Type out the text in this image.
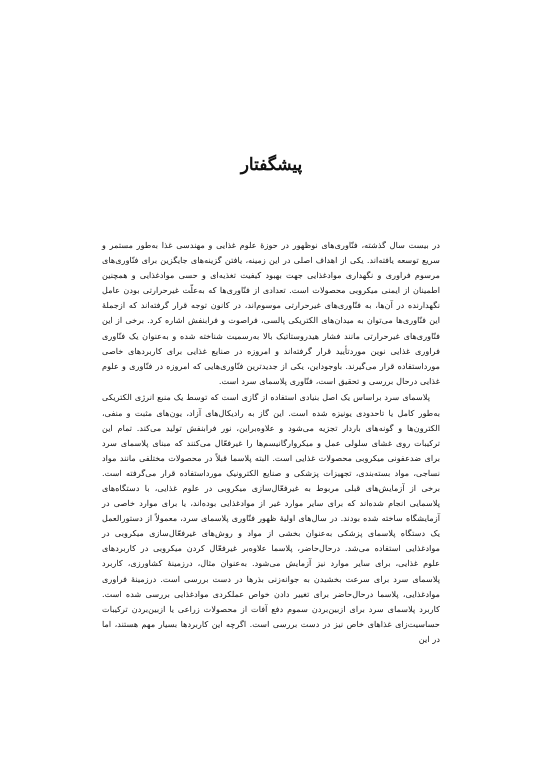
پیشگفتار

در بیست سال گذشته، فنّاوری‌های نوظهور در حوزهٔ علوم غذایی و مهندسی غذا به‌طور مستمر و سریع توسعه یافته‌اند. یکی از اهداف اصلی در این زمینه، یافتن گزینه‌های جایگزین برای فنّاوری‌های مرسوم فراوری و نگهداری موادغذایی جهت بهبود کیفیت تغذیه‌ای و حسی موادغذایی و همچنین اطمینان از ایمنی میکروبی محصولات است. تعدادی از فنّاوری‌ها که به‌علّت غیرحرارتی بودن عامل نگهدارنده در آن‌ها، به فنّاوری‌های غیرحرارتی موسوم‌اند، در کانون توجه قرار گرفته‌اند که ازجملهٔ این فنّاوری‌ها می‌توان به میدان‌های الکتریکی پالسی، فراصوت و فرابنفش اشاره کرد. برخی از این فنّاوری‌های غیرحرارتی مانند فشار هیدروستاتیک بالا به‌رسمیت شناخته شده و به‌عنوان یک فنّاوری فراوری غذایی نوین موردتأیید قرار گرفته‌اند و امروزه در صنایع غذایی برای کاربردهای خاصی مورداستفاده قرار می‌گیرند. باوجوداین، یکی از جدیدترین فنّاوری‌هایی که امروزه در فنّاوری و علوم غذایی درحال بررسی و تحقیق است، فنّاوری پلاسمای سرد است.

پلاسمای سرد براساس یک اصل بنیادی استفاده از گازی است که توسط یک منبع انرژی الکتریکی به‌طور کامل یا تاحدودی یونیزه شده است. این گاز به رادیکال‌های آزاد، یون‌های مثبت و منفی، الکترون‌ها و گونه‌های باردار تجزیه می‌شود و علاوه‌براین، نور فرابنفش تولید می‌کند. تمام این ترکیبات روی غشای سلولی عمل و میکروارگانیسم‌ها را غیرفعّال می‌کنند که مبنای پلاسمای سرد برای ضدعفونی میکروبی محصولات غذایی است. البته پلاسما قبلاً در محصولات مختلفی مانند مواد نساجی، مواد بسته‌بندی، تجهیزات پزشکی و صنایع الکترونیک مورداستفاده قرار می‌گرفته است. برخی از آزمایش‌های قبلی مربوط به غیرفعّال‌سازی میکروبی در علوم غذایی، با دستگاه‌های پلاسمایی انجام شده‌اند که برای سایر موارد غیر از موادغذایی بوده‌اند، یا برای موارد خاصی در آزمایشگاه ساخته شده بودند. در سال‌های اولیهٔ ظهور فنّاوری پلاسمای سرد، معمولاً از دستورالعمل یک دستگاه پلاسمای پزشکی به‌عنوان بخشی از مواد و روش‌های غیرفعّال‌سازی میکروبی در موادغذایی استفاده می‌شد. درحال‌حاضر، پلاسما علاوه‌بر غیرفعّال کردن میکروبی در کاربردهای علوم غذایی، برای سایر موارد نیز آزمایش می‌شود. به‌عنوان مثال، درزمینهٔ کشاورزی، کاربرد پلاسمای سرد برای سرعت بخشیدن به جوانه‌زنی بذرها در دست بررسی است. درزمینهٔ فراوری موادغذایی، پلاسما درحال‌حاضر برای تغییر دادن خواص عملکردی موادغذایی بررسی شده است. کاربرد پلاسمای سرد برای ازبین‌بردن سموم دفع آفات از محصولات زراعی یا ازبین‌بردن ترکیبات حساسیت‌زای غذاهای خاص نیز در دست بررسی است. اگرچه این کاربردها بسیار مهم هستند، اما در این
